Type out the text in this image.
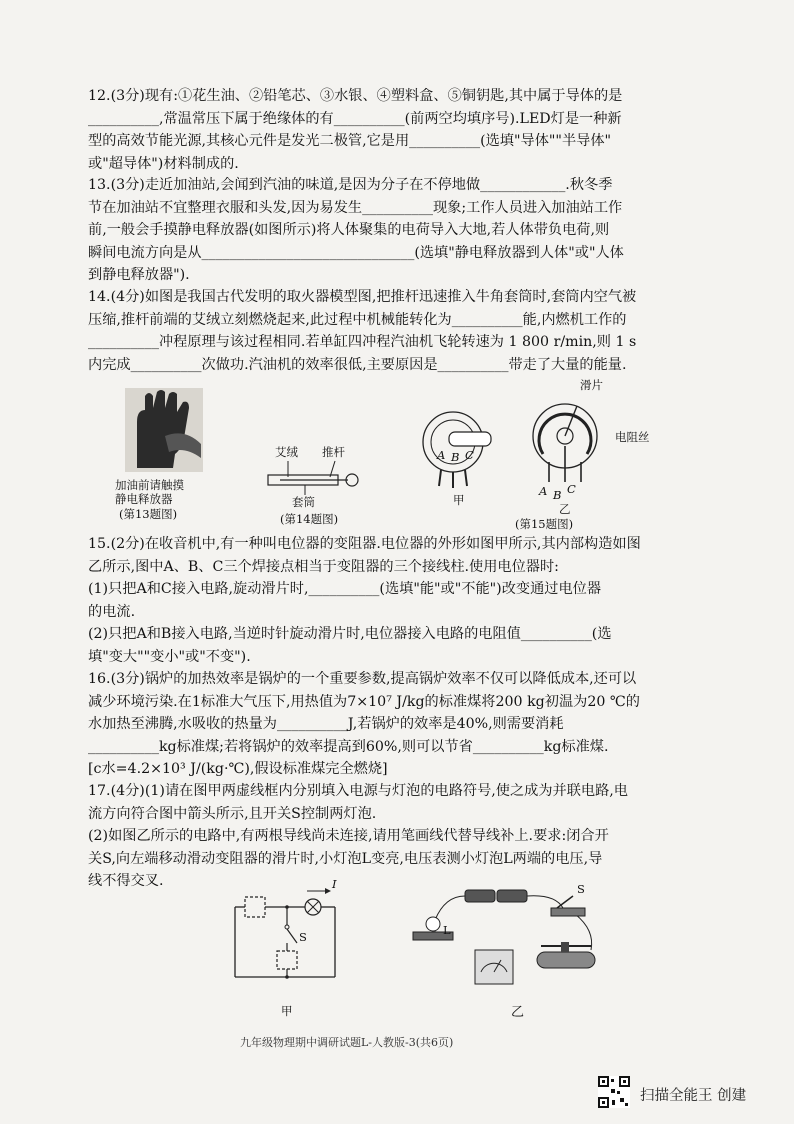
12.(3分)现有:①花生油、②铅笔芯、③水银、④塑料盒、⑤铜钥匙,其中属于导体的是

__________,常温常压下属于绝缘体的有__________(前两空均填序号).LED灯是一种新

型的高效节能光源,其核心元件是发光二极管,它是用__________(选填"导体""半导体"

或"超导体")材料制成的.

13.(3分)走近加油站,会闻到汽油的味道,是因为分子在不停地做____________.秋冬季

节在加油站不宜整理衣服和头发,因为易发生__________现象;工作人员进入加油站工作

前,一般会手摸静电释放器(如图所示)将人体聚集的电荷导入大地,若人体带负电荷,则

瞬间电流方向是从______________________________(选填"静电释放器到人体"或"人体

到静电释放器").

14.(4分)如图是我国古代发明的取火器模型图,把推杆迅速推入牛角套筒时,套筒内空气被

压缩,推杆前端的艾绒立刻燃烧起来,此过程中机械能转化为__________能,内燃机工作的

__________冲程原理与该过程相同.若单缸四冲程汽油机飞轮转速为 1 800 r/min,则 1 s

内完成__________次做功.汽油机的效率很低,主要原因是__________带走了大量的能量.

加油前请触摸
静电释放器
(第13题图)
艾绒 推杆
套筒
(第14题图)
A B C
甲
滑片
电阻丝
A B C
乙
(第15题图)

15.(2分)在收音机中,有一种叫电位器的变阻器.电位器的外形如图甲所示,其内部构造如图

乙所示,图中A、B、C三个焊接点相当于变阻器的三个接线柱.使用电位器时:

(1)只把A和C接入电路,旋动滑片时,__________(选填"能"或"不能")改变通过电位器

的电流.

(2)只把A和B接入电路,当逆时针旋动滑片时,电位器接入电路的电阻值__________(选

填"变大""变小"或"不变").

16.(3分)锅炉的加热效率是锅炉的一个重要参数,提高锅炉效率不仅可以降低成本,还可以

减少环境污染.在1标准大气压下,用热值为7×10⁷ J/kg的标准煤将200 kg初温为20 ℃的

水加热至沸腾,水吸收的热量为__________J,若锅炉的效率是40%,则需要消耗

__________kg标准煤;若将锅炉的效率提高到60%,则可以节省__________kg标准煤.

[c水=4.2×10³ J/(kg·℃),假设标准煤完全燃烧]

17.(4分)(1)请在图甲两虚线框内分别填入电源与灯泡的电路符号,使之成为并联电路,电

流方向符合图中箭头所示,且开关S控制两灯泡.

(2)如图乙所示的电路中,有两根导线尚未连接,请用笔画线代替导线补上.要求:闭合开

关S,向左端移动滑动变阻器的滑片时,小灯泡L变亮,电压表测小灯泡L两端的电压,导

线不得交叉.	I
S
甲
L
S
乙
九年级物理期中调研试题L-人教版-3(共6页)
扫描全能王 创建
